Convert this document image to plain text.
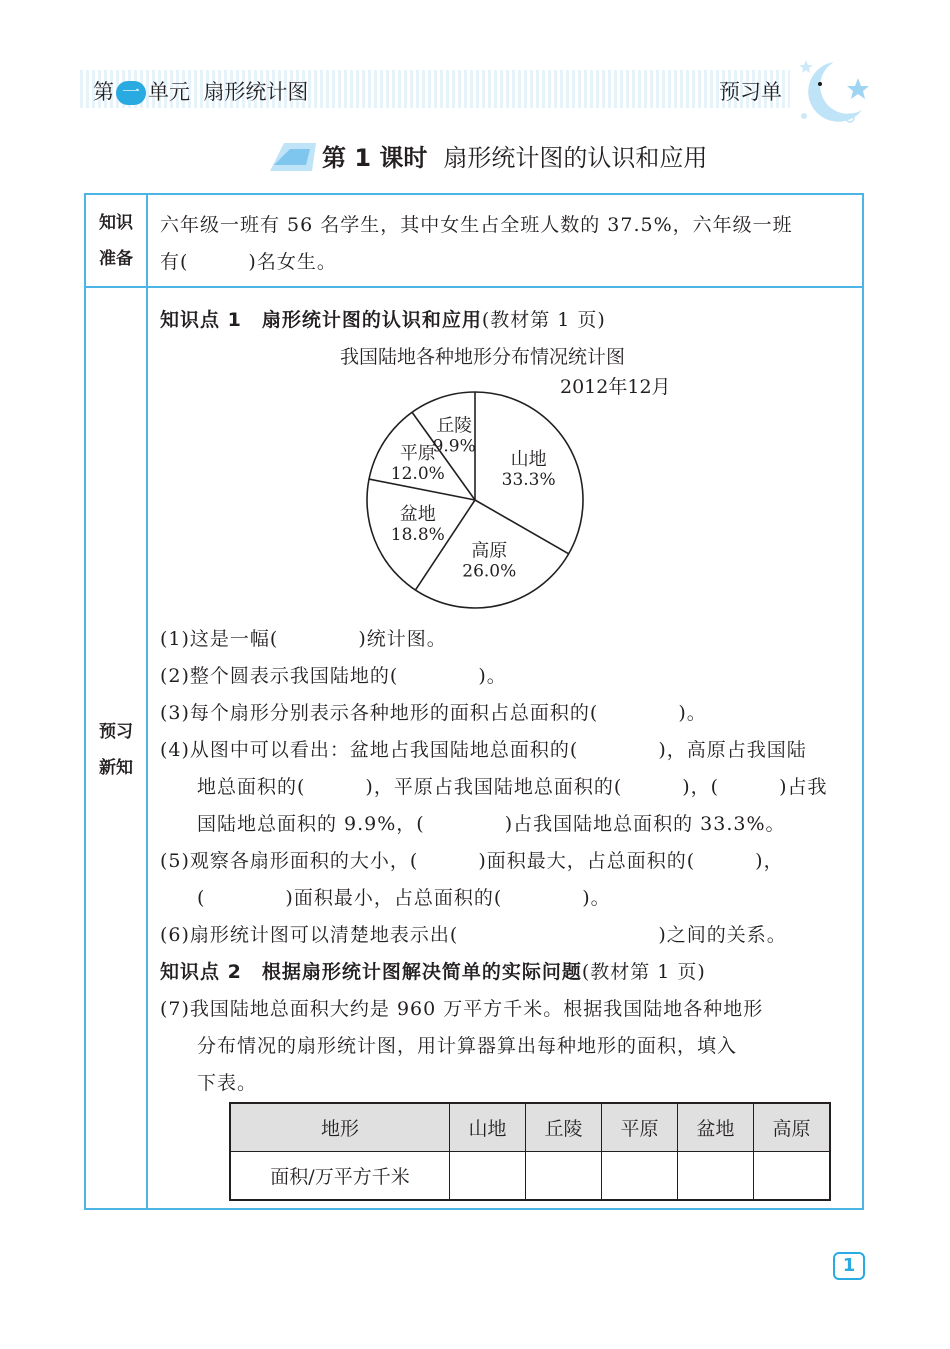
第 一 单元 扇形统计图	预习单
第 1 课时 扇形统计图的认识和应用
知识
准备
六年级一班有 56 名学生，其中女生占全班人数的 37.5%，六年级一班
有(　　　)名女生。
预习
新知
知识点 1　扇形统计图的认识和应用(教材第 1 页)
我国陆地各种地形分布情况统计图
2012年12月
山地
33.3%
高原
26.0%
盆地
18.8%
平原
12.0%
丘陵
9.9%
(1)这是一幅(　　　　)统计图。
(2)整个圆表示我国陆地的(　　　　)。
(3)每个扇形分别表示各种地形的面积占总面积的(　　　　)。
(4)从图中可以看出：盆地占我国陆地总面积的(　　　　)，高原占我国陆
地总面积的(　　　)，平原占我国陆地总面积的(　　　)，(　　　)占我
国陆地总面积的 9.9%，(　　　　)占我国陆地总面积的 33.3%。
(5)观察各扇形面积的大小，(　　　)面积最大，占总面积的(　　　)，
(　　　　)面积最小，占总面积的(　　　　)。
(6)扇形统计图可以清楚地表示出(　　　　　　　　　　)之间的关系。
知识点 2　根据扇形统计图解决简单的实际问题(教材第 1 页)
(7)我国陆地总面积大约是 960 万平方千米。根据我国陆地各种地形
分布情况的扇形统计图，用计算器算出每种地形的面积，填入
下表。
地形	山地	丘陵	平原	盆地	高原
面积/万平方千米					
1
